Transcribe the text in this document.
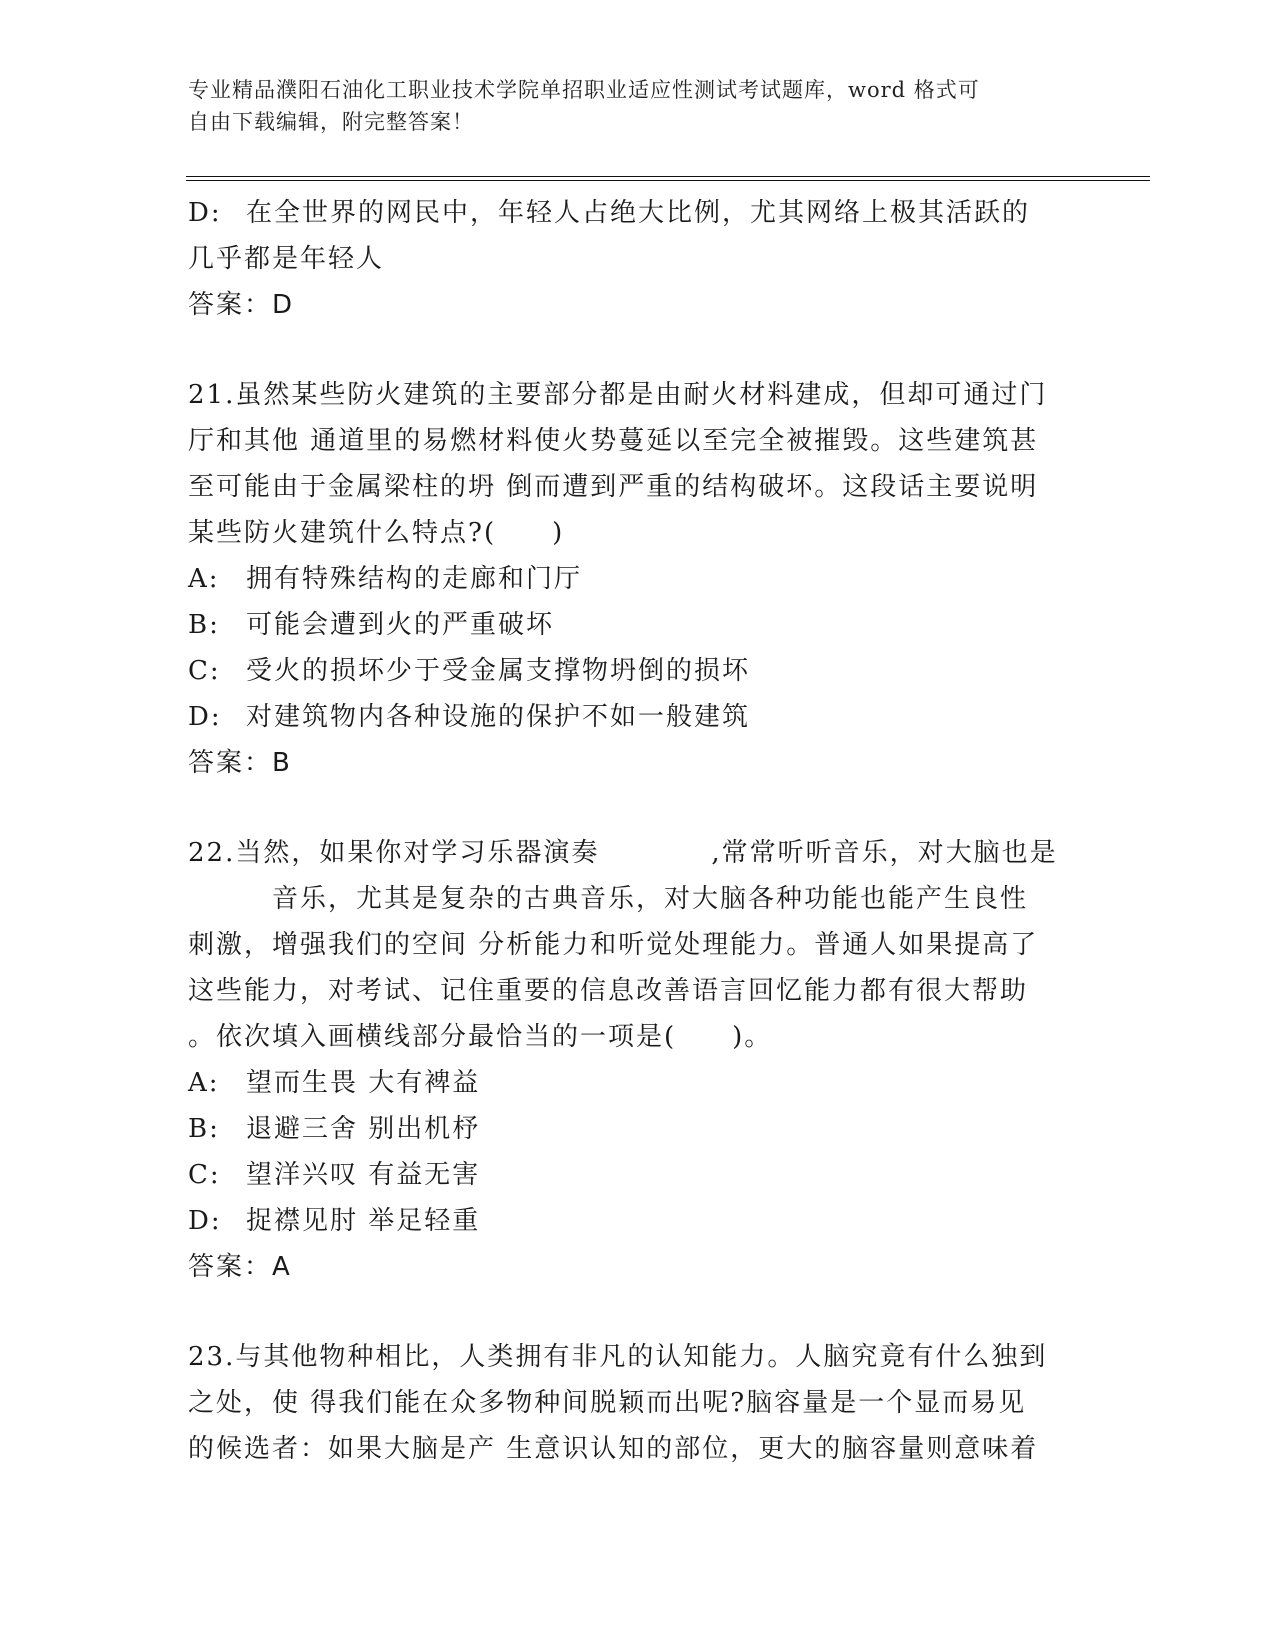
专业精品濮阳石油化工职业技术学院单招职业适应性测试考试题库，word 格式可
自由下载编辑，附完整答案！
D: 在全世界的网民中，年轻人占绝大比例，尤其网络上极其活跃的
几乎都是年轻人
答案：D
21.虽然某些防火建筑的主要部分都是由耐火材料建成，但却可通过门
厅和其他 通道里的易燃材料使火势蔓延以至完全被摧毁。这些建筑甚
至可能由于金属梁柱的坍 倒而遭到严重的结构破坏。这段话主要说明
某些防火建筑什么特点?(　　)
A:	拥有特殊结构的走廊和门厅
B:	可能会遭到火的严重破坏
C: 受火的损坏少于受金属支撑物坍倒的损坏
D: 对建筑物内各种设施的保护不如一般建筑
答案：B
22.当然，如果你对学习乐器演奏　　　　,常常听听音乐，对大脑也是
　　　音乐，尤其是复杂的古典音乐，对大脑各种功能也能产生良性
刺激，增强我们的空间 分析能力和听觉处理能力。普通人如果提高了
这些能力，对考试、记住重要的信息改善语言回忆能力都有很大帮助
。依次填入画横线部分最恰当的一项是(　　)。
A:	望而生畏 大有裨益
B:	退避三舍 别出机杼
C: 望洋兴叹 有益无害
D: 捉襟见肘 举足轻重
答案：A
23.与其他物种相比，人类拥有非凡的认知能力。人脑究竟有什么独到
之处，使 得我们能在众多物种间脱颖而出呢?脑容量是一个显而易见
的候选者：如果大脑是产 生意识认知的部位，更大的脑容量则意味着
